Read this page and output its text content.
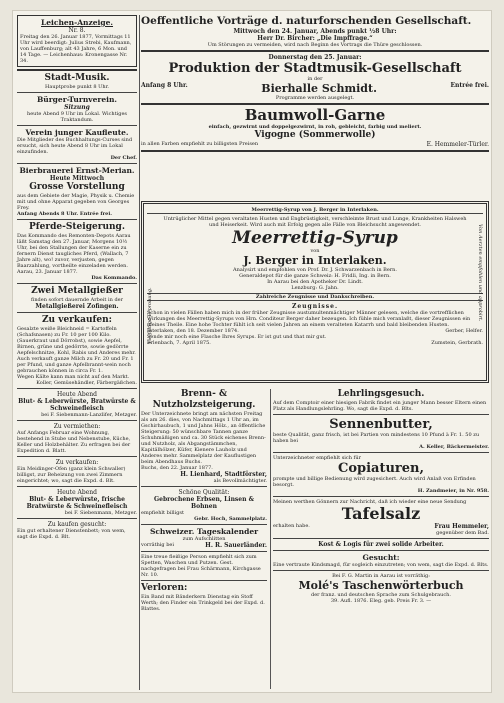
Leichen-Anzeige.
Nr. 8.
Freitag den 26. Januar 1877, Vormittags 11 Uhr wird beerdigt: Julius Strebi, Kaufmann, von Lauffenburg; alt 43 Jahre, 6 Mon. und 14 Tage. — Leichenhaus: Kronengasse Nr. 34.
Stadt-Musik.
Hauptprobe punkt 8 Uhr.
Bürger-Turnverein.
Sitzung
heute Abend 9 Uhr im Lokal. Wichtiges Traktandum.
Verein junger Kaufleute.
Die Mitglieder des Buchhaltungs-Curses sind ersucht, sich heute Abend 8 Uhr im Lokal einzufinden.
Der Chef.
Bierbrauerei Ernst-Merian.
Heute Mittwoch
Grosse Vorstellung
aus dem Gebiete der Magie, Physik u. Chemie mit und ohne Apparat gegeben von Georges Frey.
Anfang Abends 8 Uhr. Entrée frei.
Pferde-Steigerung.
Das Kommando des Remonten-Depots Aarau läßt Samstag den 27. Januar, Morgens 10½ Uhr, bei den Stallungen der Kaserne ein zu fernern Dienst taugliches Pferd, (Wallach, 7 Jahre alt), wo! zuvor, verjusten, gegen Baarzahlung, vortheilte einzeladen werden.
Aarau, 23. Januar 1877.
Das Kommando.
Zwei Metallgießer
finden sofort dauernde Arbeit in der
Metallgießerei Zofingen.
Zu verkaufen:
Gesalzte weiße Bleichneid = Kartoffeln (Schafsnasen) zu Fr. 10 per 100 Kilo. (Sauerkraut und Dörrobst), sowie Aepfel, Birnen, grüne und gedörrte, sowie gedörrte Aepfelschnitze, Kohl, Rabis und Anderes mehr. Auch verkauft ganze Milch zu Fr. 20 und Fr. 1 per Pfund, und ganze Apfelbrannt-wein noch gebrauchen können in circa Fr. 1.
Wegen Kälte kann man nicht auf den Markt.
Koller, Gemüsehändler, Färbergäßchen.
Heute Abend
Blut- & Leberwürste, Bratwürste & Schweinefleisch
bei F. Siebenmann-Lanzlifer, Metzger.
Zu vermiethen:
Auf Anfangs Februar eine Wohnung, bestehend in Stube und Nebenstube, Küche, Keller und Holzbehälter. Zu erfragen bei der Expedition d. Blatt.
Zu verkaufen:
Ein Meidinger-Ofen (ganz klein Schwaller) billigst, zur Beheizung von zwei Zimmern eingerichtet; wo, sagt die Expd. d. Blt.
Heute Abend
Blut- & Leberwürste, frische Bratwürste & Schweinefleisch
bei F. Siebenmann, Metzger.
Zu kaufen gesucht:
Ein gut erhaltener Dienstenbett; von wem, sagt die Expd. d. Blt.
Oeffentliche Vorträge d. naturforschenden Gesellschaft.
Mittwoch den 24. Januar, Abends punkt ½8 Uhr:
Herr Dr. Bircher: „Die Impffrage.“
Um Störungen zu vermeiden, wird nach Beginn des Vortrags die Thüre geschlossen.
Donnerstag den 25. Januar:
Produktion der Stadtmusik-Gesellschaft
in der
Anfang 8 Uhr.	Bierhalle Schmidt.	Entrée frei.
Programme werden ausgelegt.
Baumwoll-Garne
einfach, gezwirnt und doppelgezwirnt, in roh, gebleicht, farbig und meliert.
Vigogne (Sommerwolle)
in allen Farben empfiehlt zu billigsten Preisen	E. Hemmeler-Türler.
Meerrettig-Syrup von J. Berger in Interlaken.
Vielfältige Erprobung.	Von Aerzten empfohlen und approbirt.
Untrüglicher Mittel gegen veraltaten Husten und Engbrüstigkeit, verschleimte Brust und Lunge, Krankheiten Halsweh und Heiserkeit. Wird auch mit Erfolg gegen alle Fälle von Bleichsucht angewendet.
Meerrettig-Syrup
von
J. Berger in Interlaken.
Analysirt und empfohlen von Prof. Dr. J. Schwarzenbach in Bern.
Generaldepot für die ganze Schweiz: H. Fridli, Ing. in Bern.
In Aarau bei den Apotheker Dr. Lindt.
Lenzburg: G. Jahn.
Zahlreiche Zeugnisse und Dankschreiben.
Zeugnisse.
Schon in vielen Fällen haben mich in der früher Zeugnisse austumultenmächtiger Männer gelesen, welche die vortrefflichen Wirkungen des Meerrettig-Syrups von Hrn. Conditeur Berger daher bezeugen. Ich fühle mich veranlaßt, dieser Zeugnissen ein meines Theile. Eine hohe Tochter fühlt ich seit vielen Jahren an einem veralteten Katarrh und bald bleibenden Husten.
Interlaken, den 18. Dezember 1874.	Gerber, Helfer.
Sende mir noch eine Flasche Ihres Syrups. Er ist gut und that mir gut.
Erlenbach, 7. April 1875.	Zumstein, Gerbrath.
Brenn- & Nutzholzsteigerung.
Der Unterzeichnete bringt am nächsten Freitag als am 26. dies, von Nachmittags 1 Uhr an, im Gschirhaubuch, 1 und Jahns Hölz., an öffentliche Steigerung: 50 wünschbare Tannen ganze Schuhmäßigen und ca. 30 Stück eichenes Brenn- und Nutzholz, als Abgangstämmchen, Kapitälhölzer, Küfer, Kienere Lauholz und Anderes mehr. Sammelplatz der Kauflustigen beim Abendhaus Buchs.
Buchs, den 22. Januar 1877.
H. Lienhard, Stadtförster,
als Bevollmächtigter.
Schöne Qualität:
Gebrochene Erbsen, Linsen & Bohnen
empfiehlt billigst
Gebr. Hoch, Sammelplatz.
Schweizer. Tageskalender
zum Aufschlitten
vorräthig bei	H. R. Sauerländer.
Eine treue fleißige Person empfiehlt sich zum Spetten, Waschen und Putzen. Gest. nachgefragen bei Frau Schärmann, Kirchgasse Nr. 10.
Verloren:
Ein Band mit Bänderkern Dienstag ein Stoff Werth; den Finder ein Trinkgeld bei der Expd. d. Blattes.
Lehrlingsgesuch.
Auf dem Comptoir einer hiesigen Fabrik findet ein junger Mann besser Eltern einen Platz als Handlungslehrling. Wo, sagt die Expd. d. Blts.
Sennenbutter,
beste Qualität, ganz frisch, ist bei Partien von mindestens 10 Pfund à Fr. 1. 50 zu haben bei
A. Keller, Bäckermeister.
Unterzeichneter empfiehlt sich für
Copiaturen,
prompte und billige Bedienung wird zugesichert. Auch wird Anlaß von Erfinden besorgt.
H. Zandmeier, in Nr. 958.
Meinen werthen Gönnern zur Nachricht, daß ich wieder eine neue Sendung
Tafelsalz
erhalten habe.	Frau Hemmeler,
gegenüber dem Bad.
Kost & Logis für zwei solide Arbeiter.
Gesucht:
Eine vertraute Kindsmagd, für sogleich einzutreten; von wem, sagt die Expd. d. Blts.
Bei F. G. Martin in Aarau ist vorräthig:
Molé's Taschenwörterbuch
der franz. und deutschen Sprache zum Schulgebrauch.
39. Aufl. 1876. Eleg. geb. Preis Fr. 3. —
